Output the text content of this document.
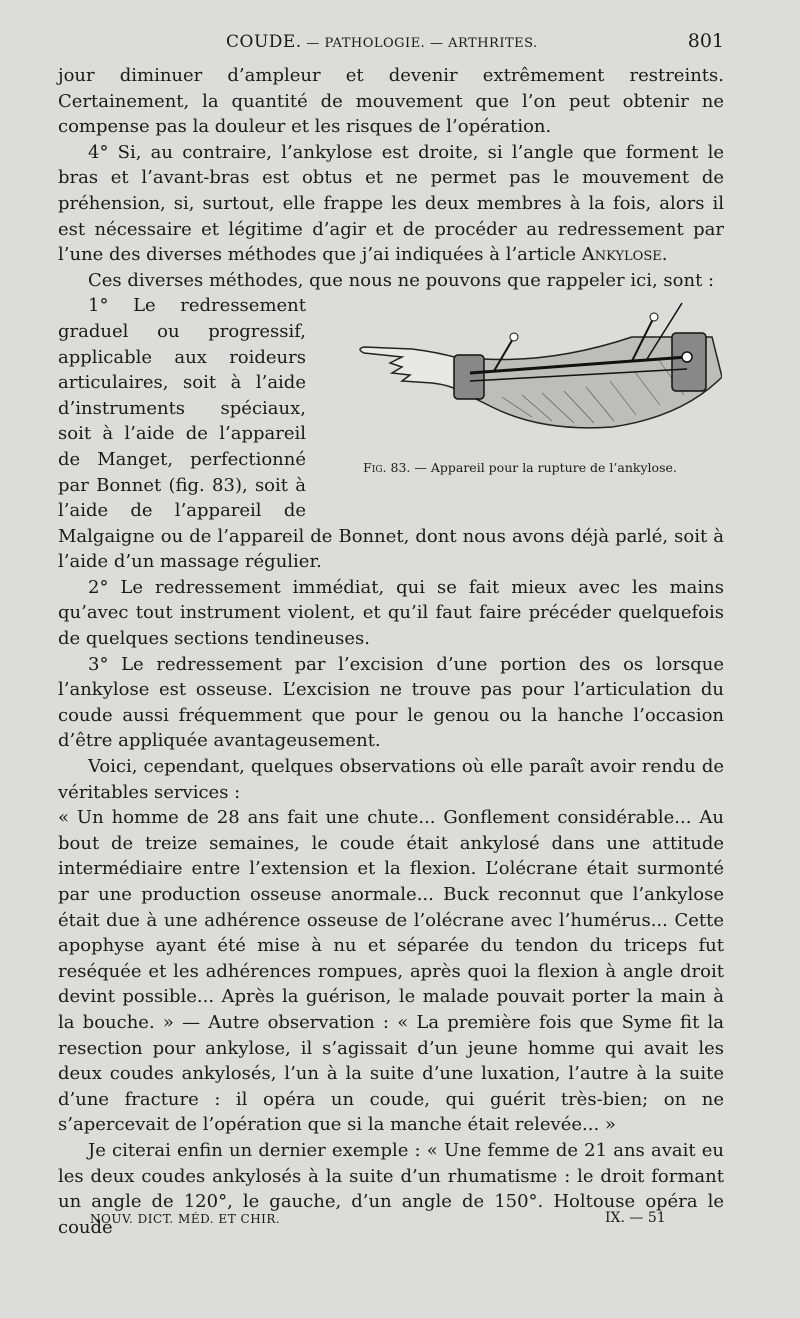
COUDE. — PATHOLOGIE. — ARTHRITES.	801

jour diminuer d’ampleur et devenir extrêmement restreints. Certainement, la quantité de mouvement que l’on peut obtenir ne compense pas la douleur et les risques de l’opération.

4° Si, au contraire, l’ankylose est droite, si l’angle que forment le bras et l’avant-bras est obtus et ne permet pas le mouvement de préhension, si, surtout, elle frappe les deux membres à la fois, alors il est nécessaire et légitime d’agir et de procéder au redressement par l’une des diverses méthodes que j’ai indiquées à l’article Ankylose.

Ces diverses méthodes, que nous ne pouvons que rappeler ici, sont :

Fig. 83. — Appareil pour la rupture de l’ankylose.

1° Le redressement graduel ou progressif, applicable aux roideurs articulaires, soit à l’aide d’instruments spéciaux, soit à l’aide de l’appareil de Manget, perfectionné par Bonnet (fig. 83), soit à l’aide de l’appareil de Malgaigne ou de l’appareil de Bonnet, dont nous avons déjà parlé, soit à l’aide d’un massage régulier.

2° Le redressement immédiat, qui se fait mieux avec les mains qu’avec tout instrument violent, et qu’il faut faire précéder quelquefois de quelques sections tendineuses.

3° Le redressement par l’excision d’une portion des os lorsque l’ankylose est osseuse. L’excision ne trouve pas pour l’articulation du coude aussi fréquemment que pour le genou ou la hanche l’occasion d’être appliquée avantageusement.

Voici, cependant, quelques observations où elle paraît avoir rendu de véritables services :

« Un homme de 28 ans fait une chute... Gonflement considérable... Au bout de treize semaines, le coude était ankylosé dans une attitude intermédiaire entre l’extension et la flexion. L’olécrane était surmonté par une production osseuse anormale... Buck reconnut que l’ankylose était due à une adhérence osseuse de l’olécrane avec l’humérus... Cette apophyse ayant été mise à nu et séparée du tendon du triceps fut reséquée et les adhérences rompues, après quoi la flexion à angle droit devint possible... Après la guérison, le malade pouvait porter la main à la bouche. » — Autre observation : « La première fois que Syme fit la resection pour ankylose, il s’agissait d’un jeune homme qui avait les deux coudes ankylosés, l’un à la suite d’une luxation, l’autre à la suite d’une fracture : il opéra un coude, qui guérit très-bien; on ne s’apercevait de l’opération que si la manche était relevée... »

Je citerai enfin un dernier exemple : « Une femme de 21 ans avait eu les deux coudes ankylosés à la suite d’un rhumatisme : le droit formant un angle de 120°, le gauche, d’un angle de 150°. Holtouse opéra le coude

NOUV. DICT. MÉD. ET CHIR.	IX. — 51
